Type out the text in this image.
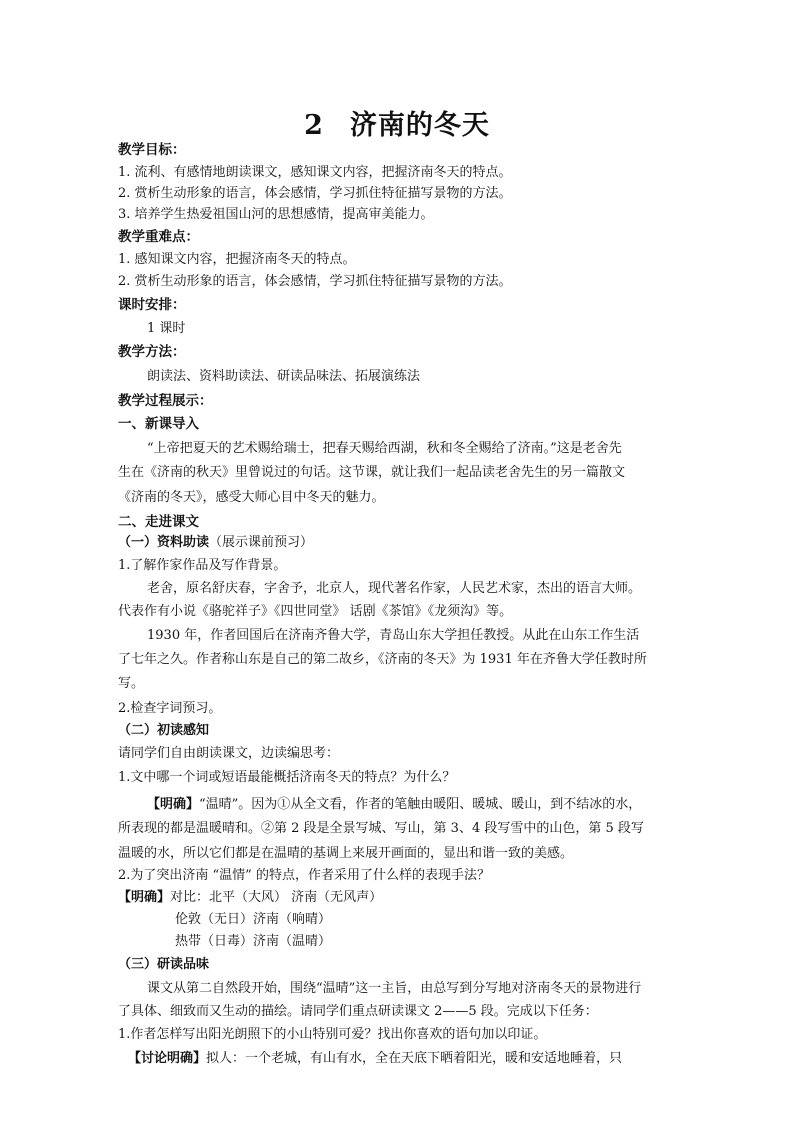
2 济南的冬天
教学目标：
1. 流利、有感情地朗读课文，感知课文内容，把握济南冬天的特点。
2. 赏析生动形象的语言，体会感情，学习抓住特征描写景物的方法。
3. 培养学生热爱祖国山河的思想感情，提高审美能力。
教学重难点：
1. 感知课文内容，把握济南冬天的特点。
2. 赏析生动形象的语言，体会感情，学习抓住特征描写景物的方法。
课时安排：
1 课时
教学方法：
朗读法、资料助读法、研读品味法、拓展演练法
教学过程展示：
一、新课导入
“上帝把夏天的艺术赐给瑞士，把春天赐给西湖，秋和冬全赐给了济南。”这是老舍先
生在《济南的秋天》里曾说过的句话。这节课，就让我们一起品读老舍先生的另一篇散文
《济南的冬天》，感受大师心目中冬天的魅力。
二、走进课文
（一）资料助读（展示课前预习）
1.了解作家作品及写作背景。
老舍，原名舒庆春，字舍予，北京人，现代著名作家，人民艺术家，杰出的语言大师。
代表作有小说《骆驼祥子》《四世同堂》 话剧《茶馆》《龙须沟》等。
1930 年，作者回国后在济南齐鲁大学，青岛山东大学担任教授。从此在山东工作生活
了七年之久。作者称山东是自己的第二故乡，《济南的冬天》为 1931 年在齐鲁大学任教时所
写。
2.检查字词预习。
（二）初读感知
请同学们自由朗读课文，边读编思考：
1.文中哪一个词或短语最能概括济南冬天的特点？为什么？
【明确】“温晴”。因为①从全文看，作者的笔触由暖阳、暖城、暖山，到不结冰的水，
所表现的都是温暖晴和。②第 2 段是全景写城、写山，第 3、4 段写雪中的山色，第 5 段写
温暖的水，所以它们都是在温晴的基调上来展开画面的，显出和谐一致的美感。
2.为了突出济南 “温情” 的特点，作者采用了什么样的表现手法？
【明确】对比：北平（大风） 济南（无风声）
伦敦（无日）济南（响晴）
热带（日毒）济南（温晴）
（三）研读品味
课文从第二自然段开始，围绕“温晴”这一主旨，由总写到分写地对济南冬天的景物进行
了具体、细致而又生动的描绘。请同学们重点研读课文 2——5 段。完成以下任务：
1.作者怎样写出阳光朗照下的小山特别可爱？找出你喜欢的语句加以印证。
【讨论明确】拟人：一个老城，有山有水，全在天底下晒着阳光，暖和安适地睡着，只
